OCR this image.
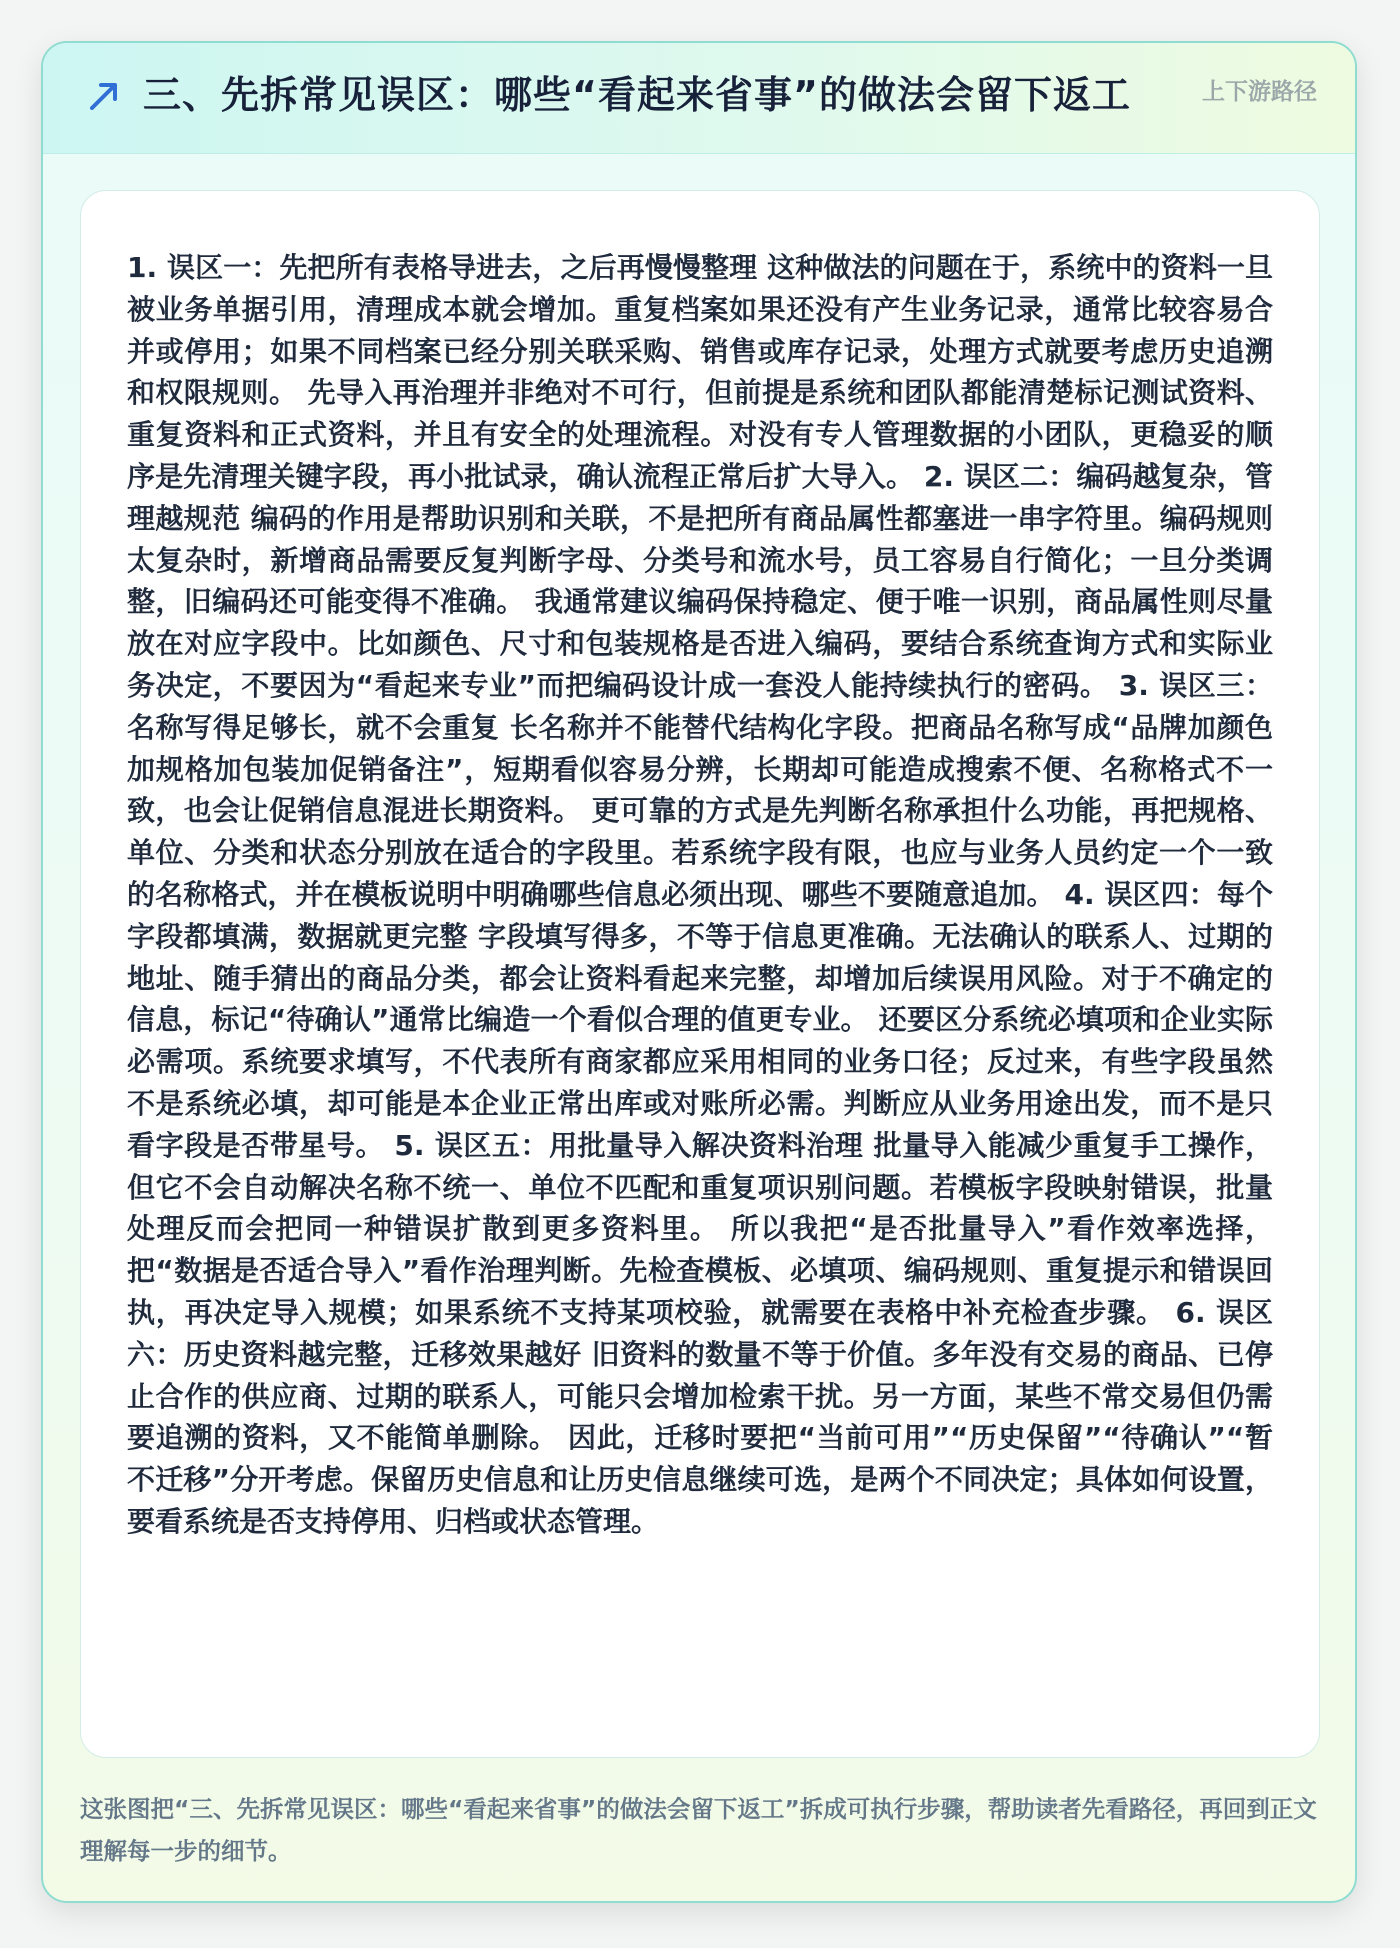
三、先拆常见误区：哪些“看起来省事”的做法会留下返工	上下游路径

1. 误区一：先把所有表格导进去，之后再慢慢整理 这种做法的问题在于，系统中的资料一旦被业务单据引用，清理成本就会增加。重复档案如果还没有产生业务记录，通常比较容易合并或停用；如果不同档案已经分别关联采购、销售或库存记录，处理方式就要考虑历史追溯和权限规则。 先导入再治理并非绝对不可行，但前提是系统和团队都能清楚标记测试资料、重复资料和正式资料，并且有安全的处理流程。对没有专人管理数据的小团队，更稳妥的顺序是先清理关键字段，再小批试录，确认流程正常后扩大导入。 2. 误区二：编码越复杂，管理越规范 编码的作用是帮助识别和关联，不是把所有商品属性都塞进一串字符里。编码规则太复杂时，新增商品需要反复判断字母、分类号和流水号，员工容易自行简化；一旦分类调整，旧编码还可能变得不准确。 我通常建议编码保持稳定、便于唯一识别，商品属性则尽量放在对应字段中。比如颜色、尺寸和包装规格是否进入编码，要结合系统查询方式和实际业务决定，不要因为“看起来专业”而把编码设计成一套没人能持续执行的密码。 3. 误区三：名称写得足够长，就不会重复 长名称并不能替代结构化字段。把商品名称写成“品牌加颜色加规格加包装加促销备注”，短期看似容易分辨，长期却可能造成搜索不便、名称格式不一致，也会让促销信息混进长期资料。 更可靠的方式是先判断名称承担什么功能，再把规格、单位、分类和状态分别放在适合的字段里。若系统字段有限，也应与业务人员约定一个一致的名称格式，并在模板说明中明确哪些信息必须出现、哪些不要随意追加。 4. 误区四：每个字段都填满，数据就更完整 字段填写得多，不等于信息更准确。无法确认的联系人、过期的地址、随手猜出的商品分类，都会让资料看起来完整，却增加后续误用风险。对于不确定的信息，标记“待确认”通常比编造一个看似合理的值更专业。 还要区分系统必填项和企业实际必需项。系统要求填写，不代表所有商家都应采用相同的业务口径；反过来，有些字段虽然不是系统必填，却可能是本企业正常出库或对账所必需。判断应从业务用途出发，而不是只看字段是否带星号。 5. 误区五：用批量导入解决资料治理 批量导入能减少重复手工操作，但它不会自动解决名称不统一、单位不匹配和重复项识别问题。若模板字段映射错误，批量处理反而会把同一种错误扩散到更多资料里。 所以我把“是否批量导入”看作效率选择，把“数据是否适合导入”看作治理判断。先检查模板、必填项、编码规则、重复提示和错误回执，再决定导入规模；如果系统不支持某项校验，就需要在表格中补充检查步骤。 6. 误区六：历史资料越完整，迁移效果越好 旧资料的数量不等于价值。多年没有交易的商品、已停止合作的供应商、过期的联系人，可能只会增加检索干扰。另一方面，某些不常交易但仍需要追溯的资料，又不能简单删除。 因此，迁移时要把“当前可用”“历史保留”“待确认”“暂不迁移”分开考虑。保留历史信息和让历史信息继续可选，是两个不同决定；具体如何设置，要看系统是否支持停用、归档或状态管理。

这张图把“三、先拆常见误区：哪些“看起来省事”的做法会留下返工”拆成可执行步骤，帮助读者先看路径，再回到正文理解每一步的细节。
